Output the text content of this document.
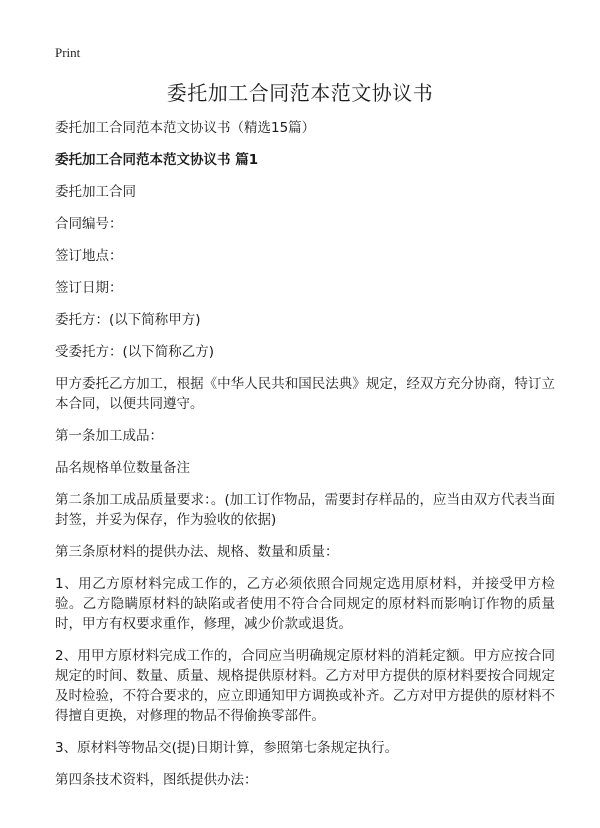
Print
委托加工合同范本范文协议书

委托加工合同范本范文协议书（精选15篇）

委托加工合同范本范文协议书 篇1

委托加工合同

合同编号：

签订地点：

签订日期：

委托方：(以下简称甲方)

受委托方：(以下简称乙方)

甲方委托乙方加工，根据《中华人民共和国民法典》规定，经双方充分协商，特订立本合同，以便共同遵守。

第一条加工成品：

品名规格单位数量备注

第二条加工成品质量要求：。(加工订作物品，需要封存样品的，应当由双方代表当面封签，并妥为保存，作为验收的依据)

第三条原材料的提供办法、规格、数量和质量：

1、用乙方原材料完成工作的，乙方必须依照合同规定选用原材料，并接受甲方检验。乙方隐瞒原材料的缺陷或者使用不符合合同规定的原材料而影响订作物的质量时，甲方有权要求重作，修理，减少价款或退货。

2、用甲方原材料完成工作的，合同应当明确规定原材料的消耗定额。甲方应按合同规定的时间、数量、质量、规格提供原材料。乙方对甲方提供的原材料要按合同规定及时检验，不符合要求的，应立即通知甲方调换或补齐。乙方对甲方提供的原材料不得擅自更换，对修理的物品不得偷换零部件。

3、原材料等物品交(提)日期计算，参照第七条规定执行。

第四条技术资料，图纸提供办法：
